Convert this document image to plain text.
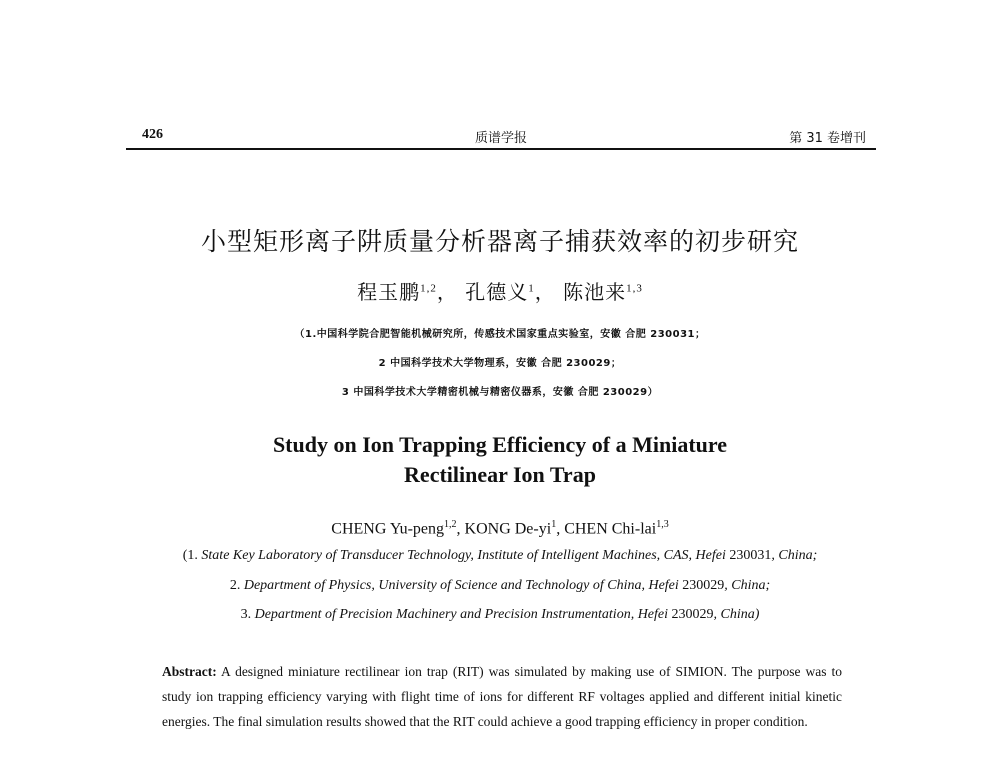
426	质谱学报	第 31 卷增刊
小型矩形离子阱质量分析器离子捕获效率的初步研究
程玉鹏$^{1,2}$， 孔德义$^1$， 陈池来$^{1,3}$
（1.中国科学院合肥智能机械研究所，传感技术国家重点实验室，安徽 合肥 230031；
2 中国科学技术大学物理系，安徽 合肥 230029；
3 中国科学技术大学精密机械与精密仪器系，安徽 合肥 230029）
Study on Ion Trapping Efficiency of a Miniature
Rectilinear Ion Trap
CHENG Yu-peng$^{1,2}$, KONG $De-yi^1$, CHEN Chi-lai$^{1,3}$
(1. State Key Laboratory of Transducer Technology, Institute of Intelligent Machines, CAS, Hefei 230031, China;
2. Department of Physics, University of Science and Technology of China, Hefei 230029, China;
3. Department of Precision Machinery and Precision Instrumentation, Hefei 230029, China)
Abstract: A designed miniature rectilinear ion trap (RIT) was simulated by making use of SIMION. The purpose was to study ion trapping efficiency varying with flight time of ions for different RF voltages applied and different initial kinetic energies. The final simulation results showed that the RIT could achieve a good trapping efficiency in proper condition.
